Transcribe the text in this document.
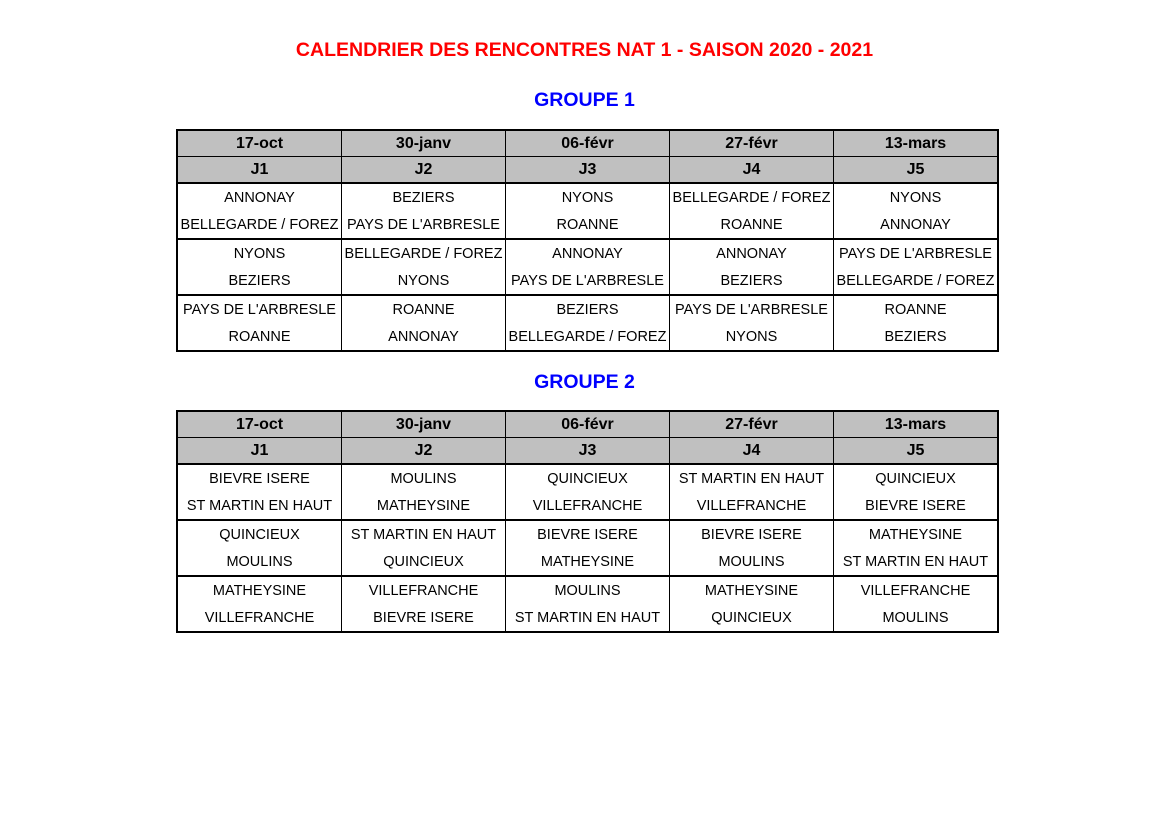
CALENDRIER DES RENCONTRES NAT 1 - SAISON 2020 - 2021
GROUPE 1
17-oct	30-janv	06-févr	27-févr	13-mars
J1	J2	J3	J4	J5
ANNONAY	BEZIERS	NYONS	BELLEGARDE / FOREZ	NYONS
BELLEGARDE / FOREZ	PAYS DE L'ARBRESLE	ROANNE	ROANNE	ANNONAY
NYONS	BELLEGARDE / FOREZ	ANNONAY	ANNONAY	PAYS DE L'ARBRESLE
BEZIERS	NYONS	PAYS DE L'ARBRESLE	BEZIERS	BELLEGARDE / FOREZ
PAYS DE L'ARBRESLE	ROANNE	BEZIERS	PAYS DE L'ARBRESLE	ROANNE
ROANNE	ANNONAY	BELLEGARDE / FOREZ	NYONS	BEZIERS
GROUPE 2
17-oct	30-janv	06-févr	27-févr	13-mars
J1	J2	J3	J4	J5
BIEVRE ISERE	MOULINS	QUINCIEUX	ST MARTIN EN HAUT	QUINCIEUX
ST MARTIN EN HAUT	MATHEYSINE	VILLEFRANCHE	VILLEFRANCHE	BIEVRE ISERE
QUINCIEUX	ST MARTIN EN HAUT	BIEVRE ISERE	BIEVRE ISERE	MATHEYSINE
MOULINS	QUINCIEUX	MATHEYSINE	MOULINS	ST MARTIN EN HAUT
MATHEYSINE	VILLEFRANCHE	MOULINS	MATHEYSINE	VILLEFRANCHE
VILLEFRANCHE	BIEVRE ISERE	ST MARTIN EN HAUT	QUINCIEUX	MOULINS
